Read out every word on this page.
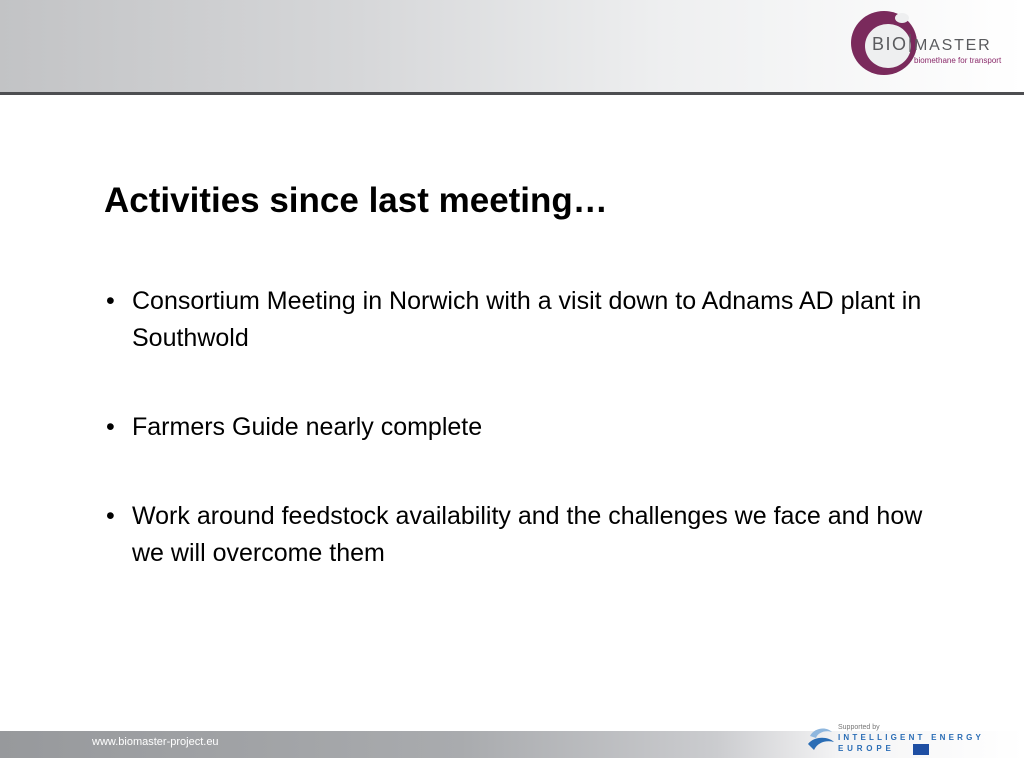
BIO MASTER
biomethane for transport
Activities since last meeting…
• Consortium Meeting in Norwich with a visit down to Adnams AD plant in Southwold
• Farmers Guide nearly complete
• Work around feedstock availability and the challenges we face and how we will overcome them
www.biomaster-project.eu
Supported by
INTELLIGENT ENERGY
EUROPE
